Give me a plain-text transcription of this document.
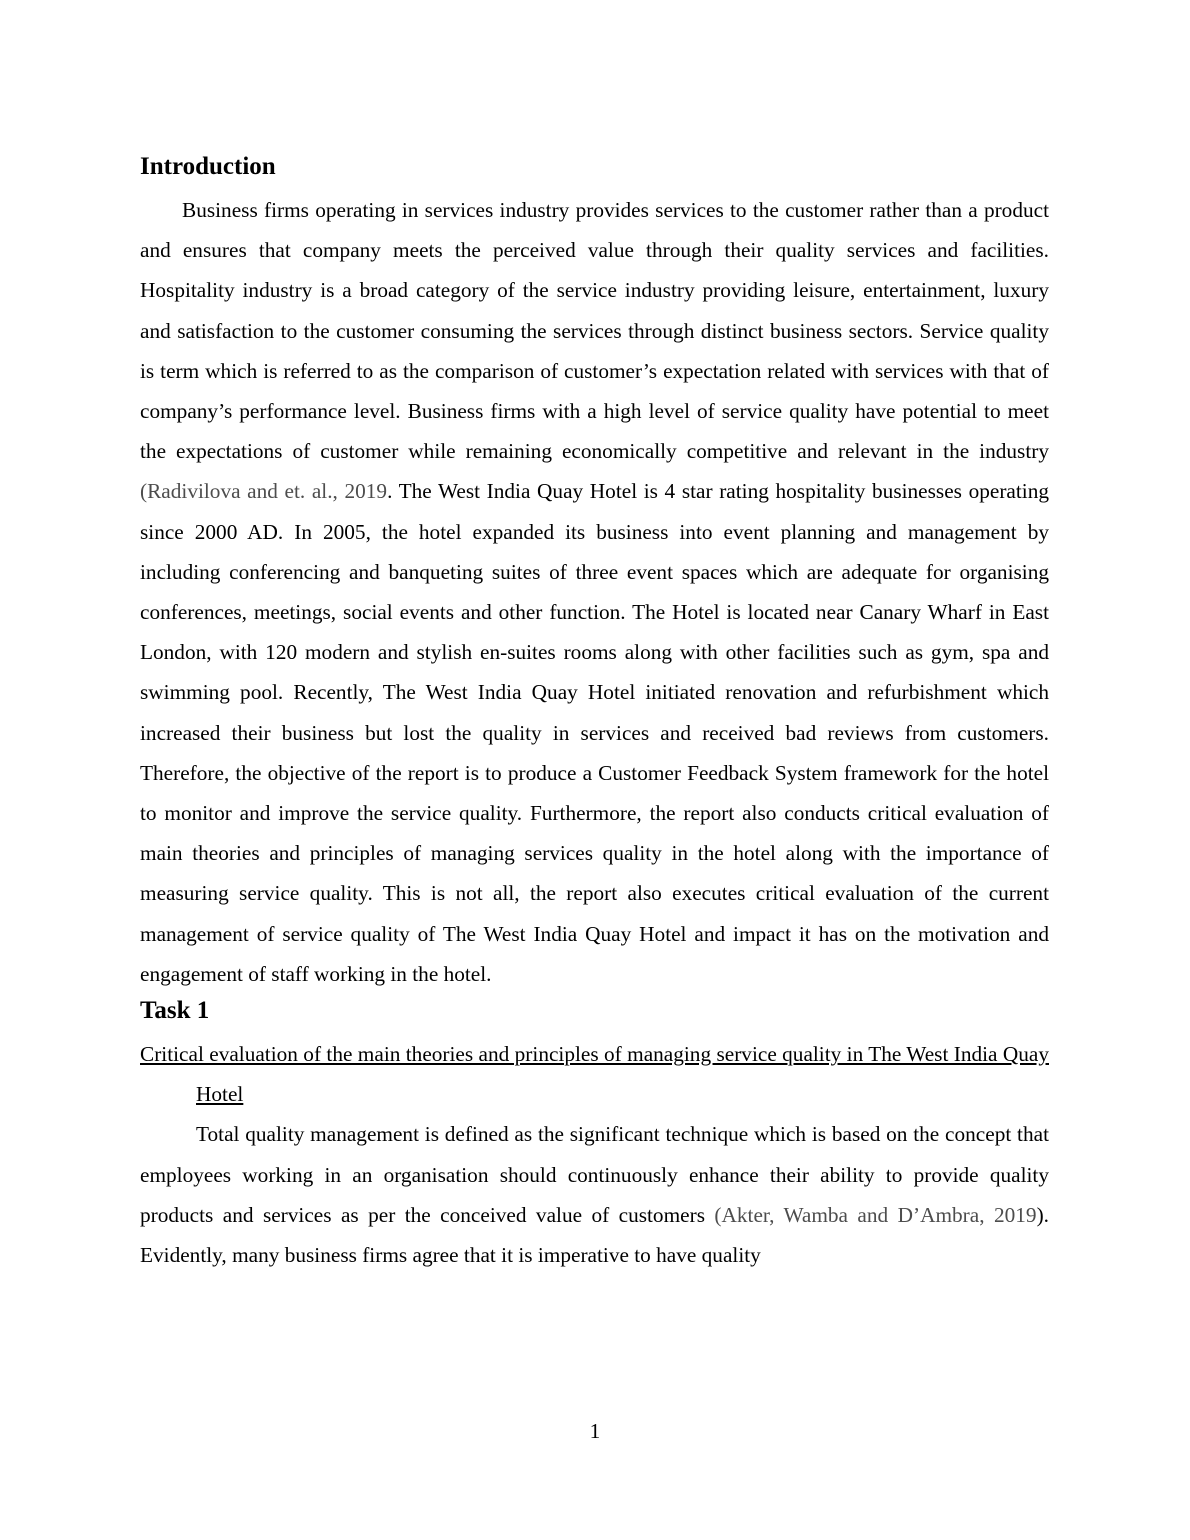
Introduction

Business firms operating in services industry provides services to the customer rather than a product and ensures that company meets the perceived value through their quality services and facilities. Hospitality industry is a broad category of the service industry providing leisure, entertainment, luxury and satisfaction to the customer consuming the services through distinct business sectors. Service quality is term which is referred to as the comparison of customer’s expectation related with services with that of company’s performance level. Business firms with a high level of service quality have potential to meet the expectations of customer while remaining economically competitive and relevant in the industry (Radivilova and et. al., 2019. The West India Quay Hotel is 4 star rating hospitality businesses operating since 2000 AD. In 2005, the hotel expanded its business into event planning and management by including conferencing and banqueting suites of three event spaces which are adequate for organising conferences, meetings, social events and other function. The Hotel is located near Canary Wharf in East London, with 120 modern and stylish en-suites rooms along with other facilities such as gym, spa and swimming pool. Recently, The West India Quay Hotel initiated renovation and refurbishment which increased their business but lost the quality in services and received bad reviews from customers. Therefore, the objective of the report is to produce a Customer Feedback System framework for the hotel to monitor and improve the service quality. Furthermore, the report also conducts critical evaluation of main theories and principles of managing services quality in the hotel along with the importance of measuring service quality. This is not all, the report also executes critical evaluation of the current management of service quality of The West India Quay Hotel and impact it has on the motivation and engagement of staff working in the hotel.

Task 1

Critical evaluation of the main theories and principles of managing service quality in The West India Quay Hotel

Total quality management is defined as the significant technique which is based on the concept that employees working in an organisation should continuously enhance their ability to provide quality products and services as per the conceived value of customers (Akter, Wamba and D’Ambra, 2019). Evidently, many business firms agree that it is imperative to have quality

1
